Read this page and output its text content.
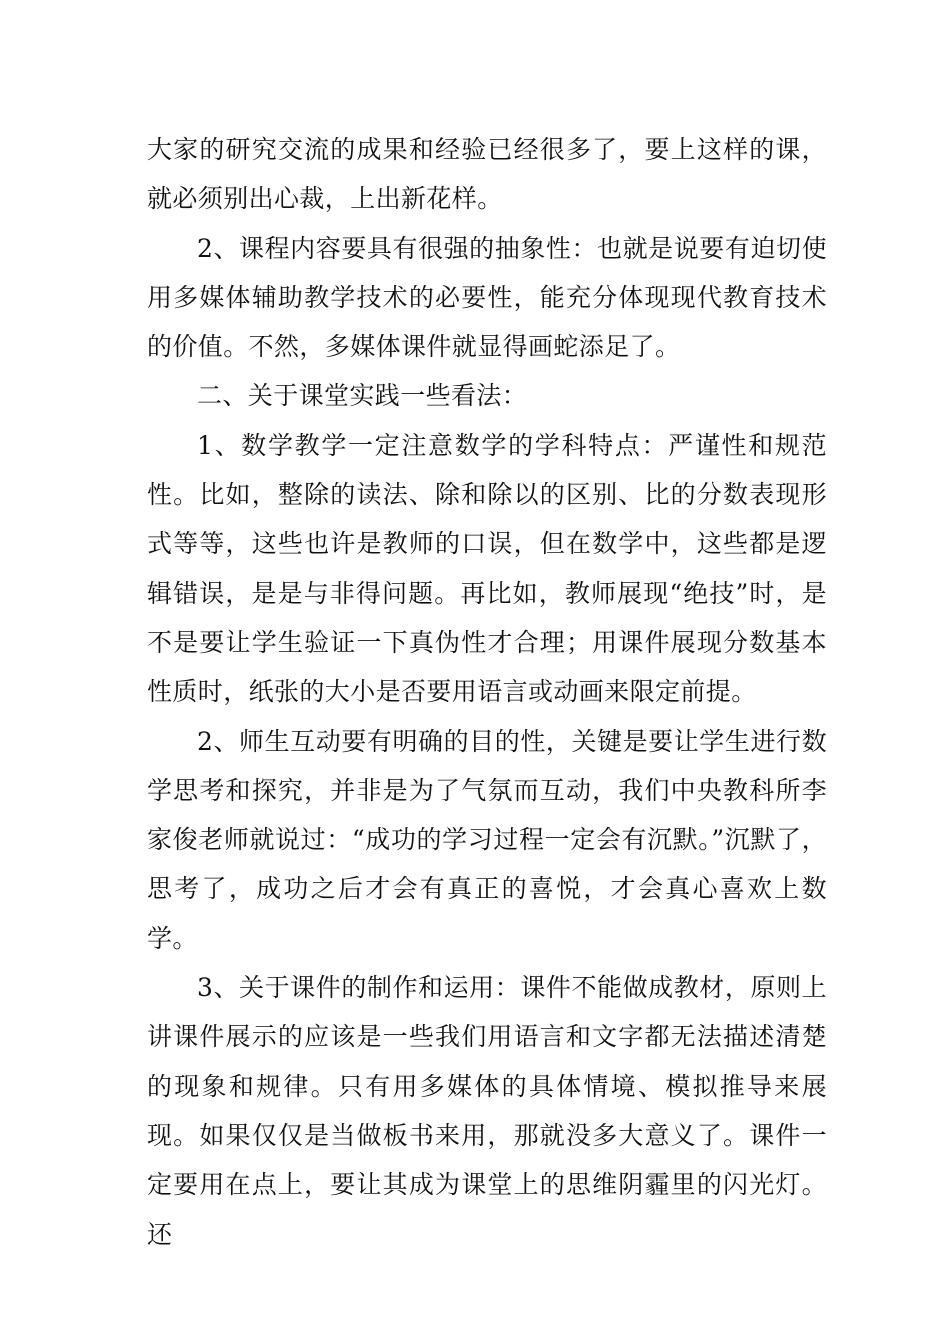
大家的研究交流的成果和经验已经很多了，要上这样的课，就必须别出心裁，上出新花样。

2、课程内容要具有很强的抽象性：也就是说要有迫切使用多媒体辅助教学技术的必要性，能充分体现现代教育技术的价值。不然，多媒体课件就显得画蛇添足了。

二、关于课堂实践一些看法：

1、数学教学一定注意数学的学科特点：严谨性和规范性。比如，整除的读法、除和除以的区别、比的分数表现形式等等，这些也许是教师的口误，但在数学中，这些都是逻辑错误，是是与非得问题。再比如，教师展现“绝技”时，是不是要让学生验证一下真伪性才合理；用课件展现分数基本性质时，纸张的大小是否要用语言或动画来限定前提。

2、师生互动要有明确的目的性，关键是要让学生进行数学思考和探究，并非是为了气氛而互动，我们中央教科所李家俊老师就说过：“成功的学习过程一定会有沉默。”沉默了，思考了，成功之后才会有真正的喜悦，才会真心喜欢上数学。

3、关于课件的制作和运用：课件不能做成教材，原则上讲课件展示的应该是一些我们用语言和文字都无法描述清楚的现象和规律。只有用多媒体的具体情境、模拟推导来展现。如果仅仅是当做板书来用，那就没多大意义了。课件一定要用在点上，要让其成为课堂上的思维阴霾里的闪光灯。还
